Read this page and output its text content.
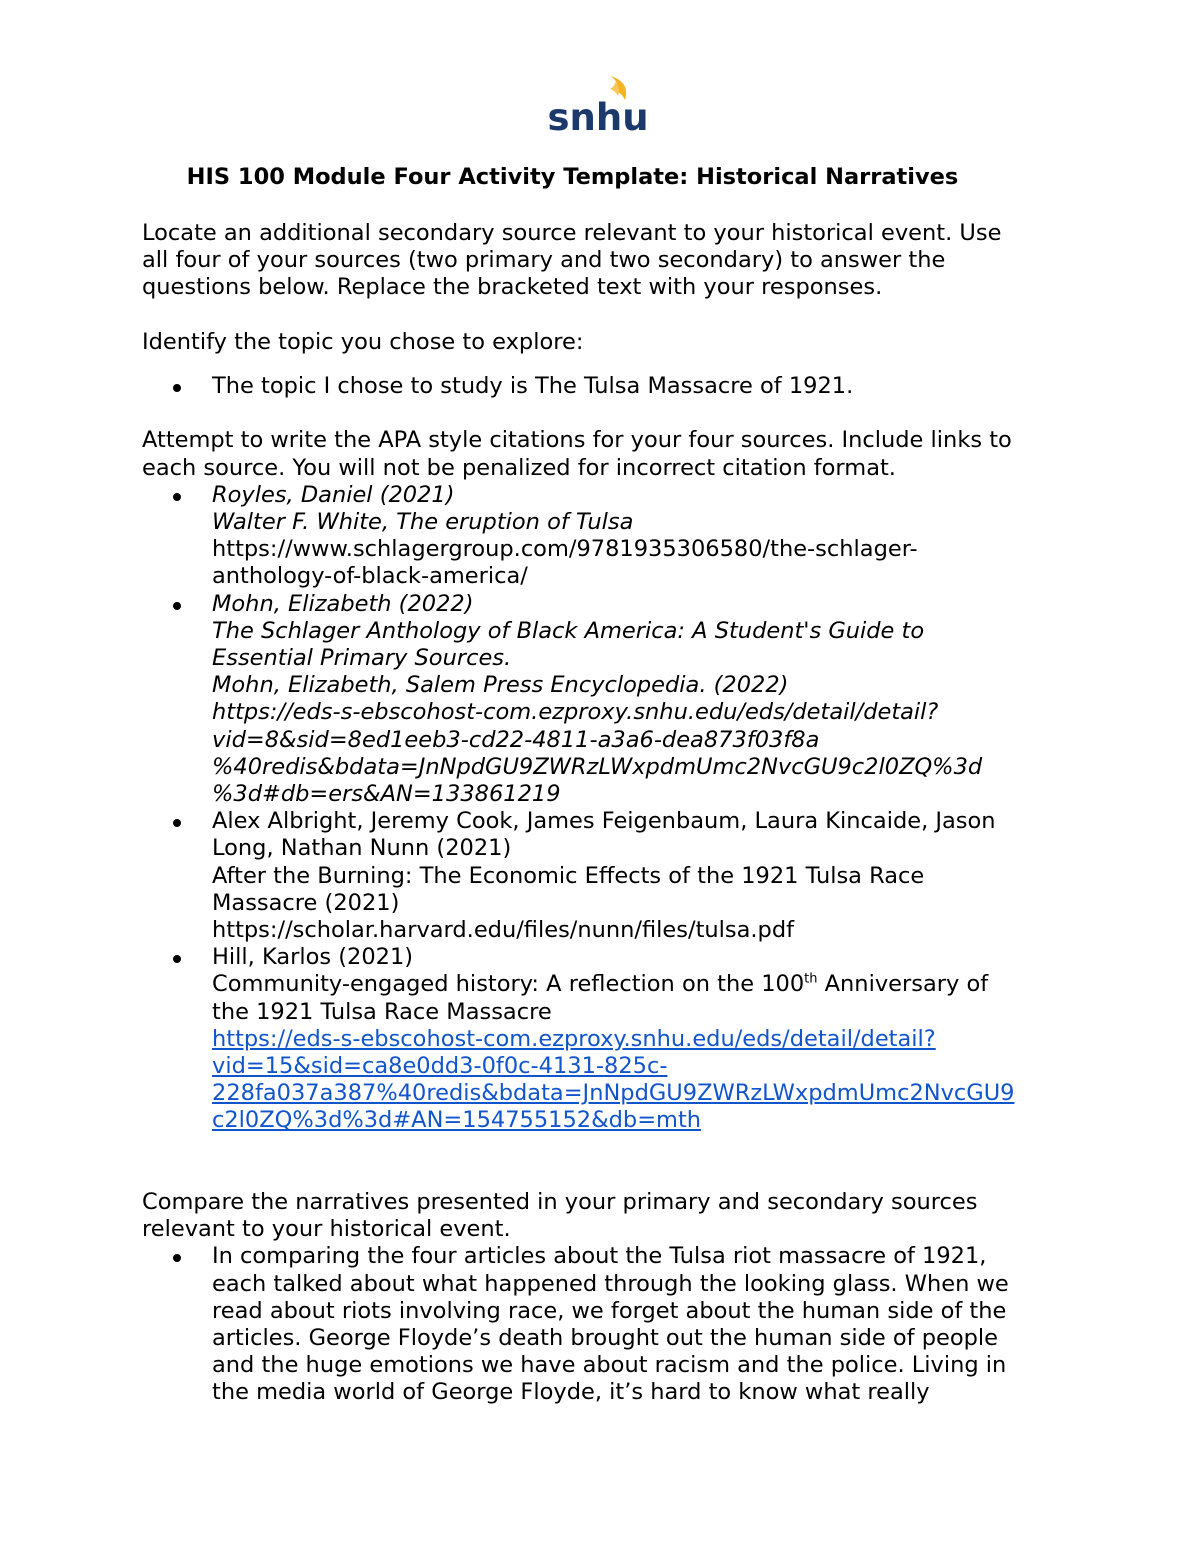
snhu
HIS 100 Module Four Activity Template: Historical Narratives

Locate an additional secondary source relevant to your historical event. Use
all four of your sources (two primary and two secondary) to answer the
questions below. Replace the bracketed text with your responses.

Identify the topic you chose to explore:

The topic I chose to study is The Tulsa Massacre of 1921.

Attempt to write the APA style citations for your four sources. Include links to
each source. You will not be penalized for incorrect citation format.

Royles, Daniel (2021)
Walter F. White, The eruption of Tulsa
https://www.schlagergroup.com/9781935306580/the-schlager-
anthology-of-black-america/
Mohn, Elizabeth (2022)
The Schlager Anthology of Black America: A Student's Guide to
Essential Primary Sources.
Mohn, Elizabeth, Salem Press Encyclopedia. (2022)
https://eds-s-ebscohost-com.ezproxy.snhu.edu/eds/detail/detail?
vid=8&sid=8ed1eeb3-cd22-4811-a3a6-dea873f03f8a
%40redis&bdata=JnNpdGU9ZWRzLWxpdmUmc2NvcGU9c2l0ZQ%3d
%3d#db=ers&AN=133861219
Alex Albright, Jeremy Cook, James Feigenbaum, Laura Kincaide, Jason
Long, Nathan Nunn (2021)
After the Burning: The Economic Effects of the 1921 Tulsa Race
Massacre (2021)
https://scholar.harvard.edu/files/nunn/files/tulsa.pdf
Hill, Karlos (2021)
Community-engaged history: A reflection on the 100th Anniversary of
the 1921 Tulsa Race Massacre
https://eds-s-ebscohost-com.ezproxy.snhu.edu/eds/detail/detail?
vid=15&sid=ca8e0dd3-0f0c-4131-825c-
228fa037a387%40redis&bdata=JnNpdGU9ZWRzLWxpdmUmc2NvcGU9
c2l0ZQ%3d%3d#AN=154755152&db=mth

Compare the narratives presented in your primary and secondary sources
relevant to your historical event.

In comparing the four articles about the Tulsa riot massacre of 1921,
each talked about what happened through the looking glass. When we
read about riots involving race, we forget about the human side of the
articles. George Floyde’s death brought out the human side of people
and the huge emotions we have about racism and the police. Living in
the media world of George Floyde, it’s hard to know what really
